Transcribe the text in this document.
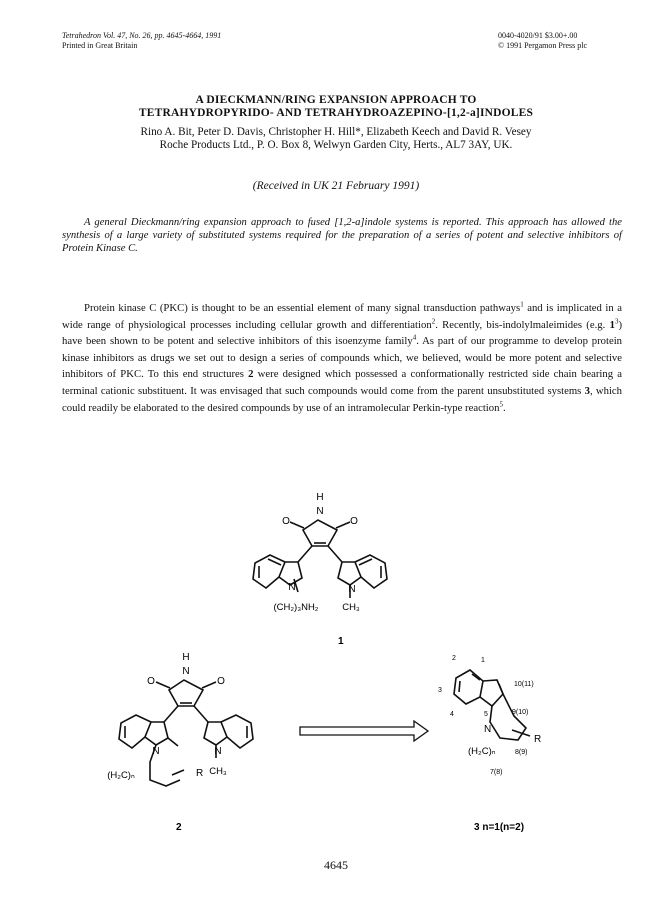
Tetrahedron Vol. 47, No. 26, pp. 4645-4664, 1991
Printed in Great Britain
0040-4020/91 $3.00+.00
© 1991 Pergamon Press plc
A DIECKMANN/RING EXPANSION APPROACH TO
TETRAHYDROPYRIDO- AND TETRAHYDROAZEPINO-[1,2-a]INDOLES
Rino A. Bit, Peter D. Davis, Christopher H. Hill*, Elizabeth Keech and David R. Vesey
Roche Products Ltd., P. O. Box 8, Welwyn Garden City, Herts., AL7 3AY, UK.
(Received in UK 21 February 1991)
A general Dieckmann/ring expansion approach to fused [1,2-a]indole systems is reported. This approach has allowed the synthesis of a large variety of substituted systems required for the preparation of a series of potent and selective inhibitors of Protein Kinase C.

Protein kinase C (PKC) is thought to be an essential element of many signal transduction pathways$^1$ and is implicated in a wide range of physiological processes including cellular growth and differentiation$^2$. Recently, bis-indolylmaleimides (e.g. $1^3$) have been shown to be potent and selective inhibitors of this isoenzyme family$^4$. As part of our programme to develop protein kinase inhibitors as drugs we set out to design a series of compounds which, we believed, would be more potent and selective inhibitors of PKC. To this end structures 2 were designed which possessed a conformationally restricted side chain bearing a terminal cationic substituent. It was envisaged that such compounds would come from the parent unsubstituted systems 3, which could readily be elaborated to the desired compounds by use of an intramolecular Perkin-type reaction$^5$.

H
N
O	O
N	N
(CH₂)₃NH₂ CH₃
1
H
N
O	O
N	N
(H₂C)ₙ	R CH₃
2
2	1
3
4	5
10(11)
9(10)
8(9)
7(8)
N
(H₂C)ₙ
R
3 n=1(n=2)
4645
